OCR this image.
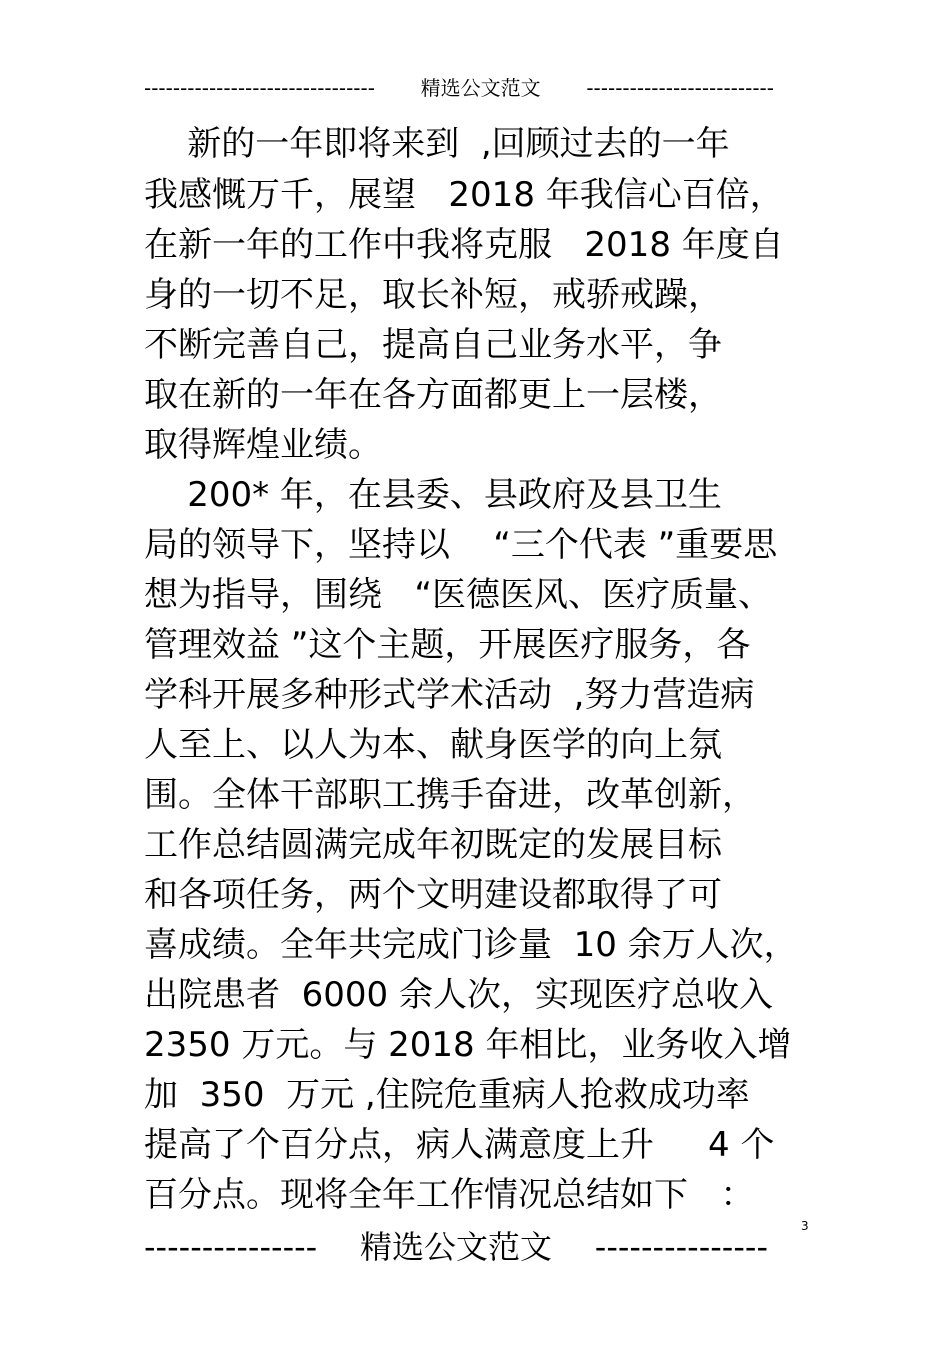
-------------------------------- 精选公文范文 --------------------------
新的一年即将来到  ,回顾过去的一年
我感慨万千，展望   2018 年我信心百倍，
在新一年的工作中我将克服   2018 年度自
身的一切不足，取长补短，戒骄戒躁，
不断完善自己，提高自己业务水平，争
取在新的一年在各方面都更上一层楼，
取得辉煌业绩。
200* 年，在县委、县政府及县卫生
局的领导下，坚持以    “三个代表 ”重要思
想为指导，围绕   “医德医风、医疗质量、
管理效益 ”这个主题，开展医疗服务，各
学科开展多种形式学术活动  ,努力营造病
人至上、以人为本、献身医学的向上氛
围。全体干部职工携手奋进，改革创新，
工作总结圆满完成年初既定的发展目标
和各项任务，两个文明建设都取得了可
喜成绩。全年共完成门诊量  10 余万人次，
出院患者  6000 余人次，实现医疗总收入
2350 万元。与 2018 年相比，业务收入增
加  350  万元 ,住院危重病人抢救成功率
提高了个百分点，病人满意度上升     4 个
百分点。现将全年工作情况总结如下   ：
3
--------------- 精选公文范文 ---------------
